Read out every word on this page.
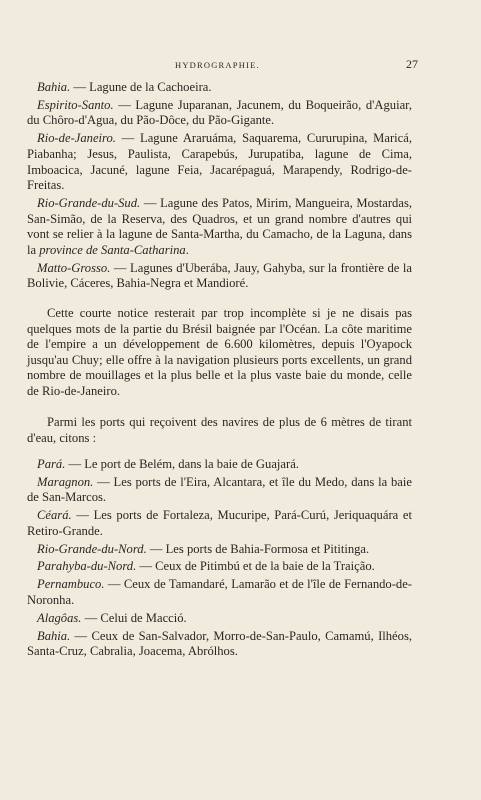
HYDROGRAPHIE.	27

Bahia. — Lagune de la Cachoeira.

Espirito-Santo. — Lagune Juparanan, Jacunem, du Boqueirão, d'Aguiar, du Chôro-d'Agua, du Pão-Dôce, du Pão-Gigante.

Rio-de-Janeiro. — Lagune Araruáma, Saquarema, Cururupina, Maricá, Piabanha; Jesus, Paulista, Carapebús, Jurupatiba, lagune de Cima, Imboacica, Jacuné, lagune Feia, Jacarépaguá, Marapendy, Rodrigo-de-Freitas.

Rio-Grande-du-Sud. — Lagune des Patos, Mirim, Mangueira, Mostardas, San-Simão, de la Reserva, des Quadros, et un grand nombre d'autres qui vont se relier à la lagune de Santa-Martha, du Camacho, de la Laguna, dans la province de Santa-Catharina.

Matto-Grosso. — Lagunes d'Uberába, Jauy, Gahyba, sur la frontière de la Bolivie, Cáceres, Bahia-Negra et Mandioré.

Cette courte notice resterait par trop incomplète si je ne disais pas quelques mots de la partie du Brésil baignée par l'Océan. La côte maritime de l'empire a un développement de 6.600 kilomètres, depuis l'Oyapock jusqu'au Chuy; elle offre à la navigation plusieurs ports excellents, un grand nombre de mouillages et la plus belle et la plus vaste baie du monde, celle de Rio-de-Janeiro.

Parmi les ports qui reçoivent des navires de plus de 6 mètres de tirant d'eau, citons :

Pará. — Le port de Belém, dans la baie de Guajará.

Maragnon. — Les ports de l'Eira, Alcantara, et île du Medo, dans la baie de San-Marcos.

Céará. — Les ports de Fortaleza, Mucuripe, Pará-Curú, Jeriquaquára et Retiro-Grande.

Rio-Grande-du-Nord. — Les ports de Bahia-Formosa et Pititinga.

Parahyba-du-Nord. — Ceux de Pitimbú et de la baie de la Traição.

Pernambuco. — Ceux de Tamandaré, Lamarão et de l'île de Fernando-de-Noronha.

Alagôas. — Celui de Macció.

Bahia. — Ceux de San-Salvador, Morro-de-San-Paulo, Camamú, Ilhéos, Santa-Cruz, Cabralia, Joacema, Abrólhos.
